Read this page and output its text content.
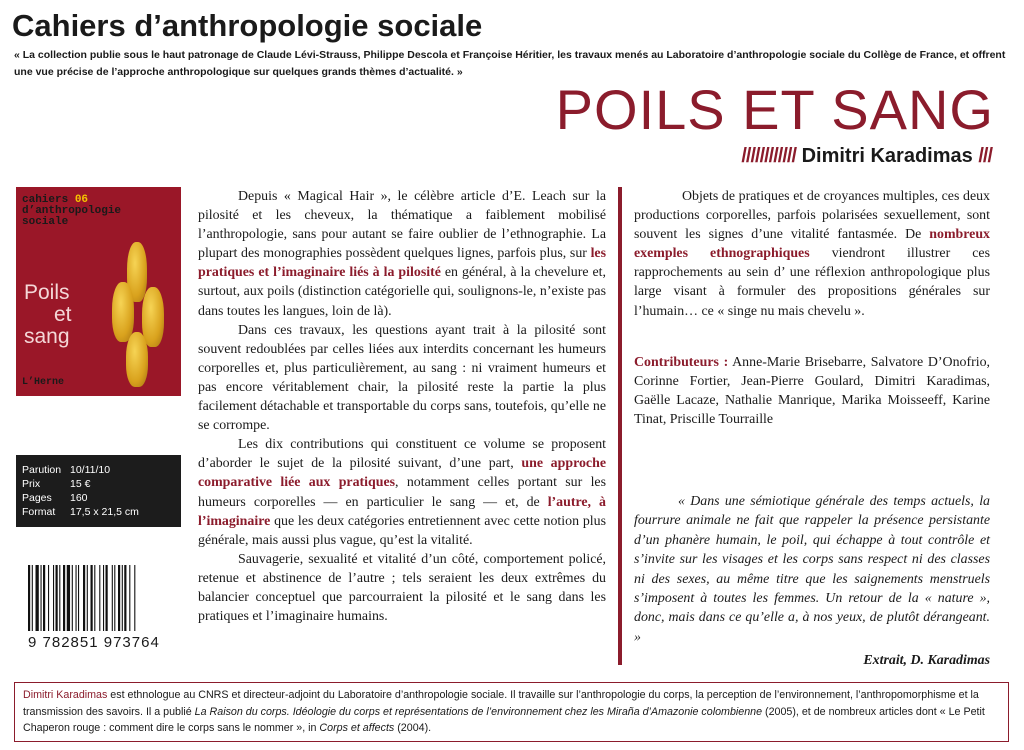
Cahiers d’anthropologie sociale
« La collection publie sous le haut patronage de Claude Lévi-Strauss, Philippe Descola et Françoise Héritier, les travaux menés au Laboratoire d’anthropologie sociale du Collège de France, et offrent une vue précise de l’approche anthropologique sur quelques grands thèmes d’actualité. »
POILS ET SANG
//////////// Dimitri Karadimas ///
cahiers 06
d’anthropologie
sociale
Poils
et
sang
L’Herne
Parution 10/11/10
Prix	15 €
Pages	160
Format	17,5 x 21,5 cm
9 782851 973764

Depuis « Magical Hair », le célèbre article d’E. Leach sur la pilosité et les cheveux, la thématique a faiblement mobilisé l’anthropologie, sans pour autant se faire oublier de l’ethnographie. La plupart des monographies possèdent quelques lignes, parfois plus, sur les pratiques et l’imaginaire liés à la pilosité en général, à la chevelure et, surtout, aux poils (distinction catégorielle qui, soulignons-le, n’existe pas dans toutes les langues, loin de là).

Dans ces travaux, les questions ayant trait à la pilosité sont souvent redoublées par celles liées aux interdits concernant les humeurs corporelles et, plus particulièrement, au sang : ni vraiment humeurs et pas encore véritablement chair, la pilosité reste la partie la plus facilement détachable et transportable du corps sans, toutefois, qu’elle ne se corrompe.

Les dix contributions qui constituent ce volume se proposent d’aborder le sujet de la pilosité suivant, d’une part, une approche comparative liée aux pratiques, notamment celles portant sur les humeurs corporelles — en particulier le sang — et, de l’autre, à l’imaginaire que les deux catégories entretiennent avec cette notion plus générale, mais aussi plus vague, qu’est la vitalité.

Sauvagerie, sexualité et vitalité d’un côté, comportement policé, retenue et abstinence de l’autre ; tels seraient les deux extrêmes du balancier conceptuel que parcourraient la pilosité et le sang dans les pratiques et l’imaginaire humains.

Objets de pratiques et de croyances multiples, ces deux productions corporelles, parfois polarisées sexuellement, sont souvent les signes d’une vitalité fantasmée. De nombreux exemples ethnographiques viendront illustrer ces rapprochements au sein d’ une réflexion anthropologique plus large visant à formuler des propositions générales sur l’humain… ce « singe nu mais chevelu ».

Contributeurs : Anne-Marie Brisebarre, Salvatore D’Onofrio, Corinne Fortier, Jean-Pierre Goulard, Dimitri Karadimas, Gaëlle Lacaze, Nathalie Manrique, Marika Moisseeff, Karine Tinat, Priscille Tourraille

« Dans une sémiotique générale des temps actuels, la fourrure animale ne fait que rappeler la présence persistante d’un phanère humain, le poil, qui échappe à tout contrôle et s’invite sur les visages et les corps sans respect ni des classes ni des sexes, au même titre que les saignements menstruels s’imposent à toutes les femmes. Un retour de la « nature », donc, mais dans ce qu’elle a, à nos yeux, de plutôt dérangeant. »

Extrait, D. Karadimas
Dimitri Karadimas est ethnologue au CNRS et directeur-adjoint du Laboratoire d’anthropologie sociale. Il travaille sur l’anthropologie du corps, la perception de l’environnement, l’anthropomorphisme et la transmission des savoirs. Il a publié La Raison du corps. Idéologie du corps et représentations de l’environnement chez les Miraña d’Amazonie colombienne (2005), et de nombreux articles dont « Le Petit Chaperon rouge : comment dire le corps sans le nommer », in Corps et affects (2004).
